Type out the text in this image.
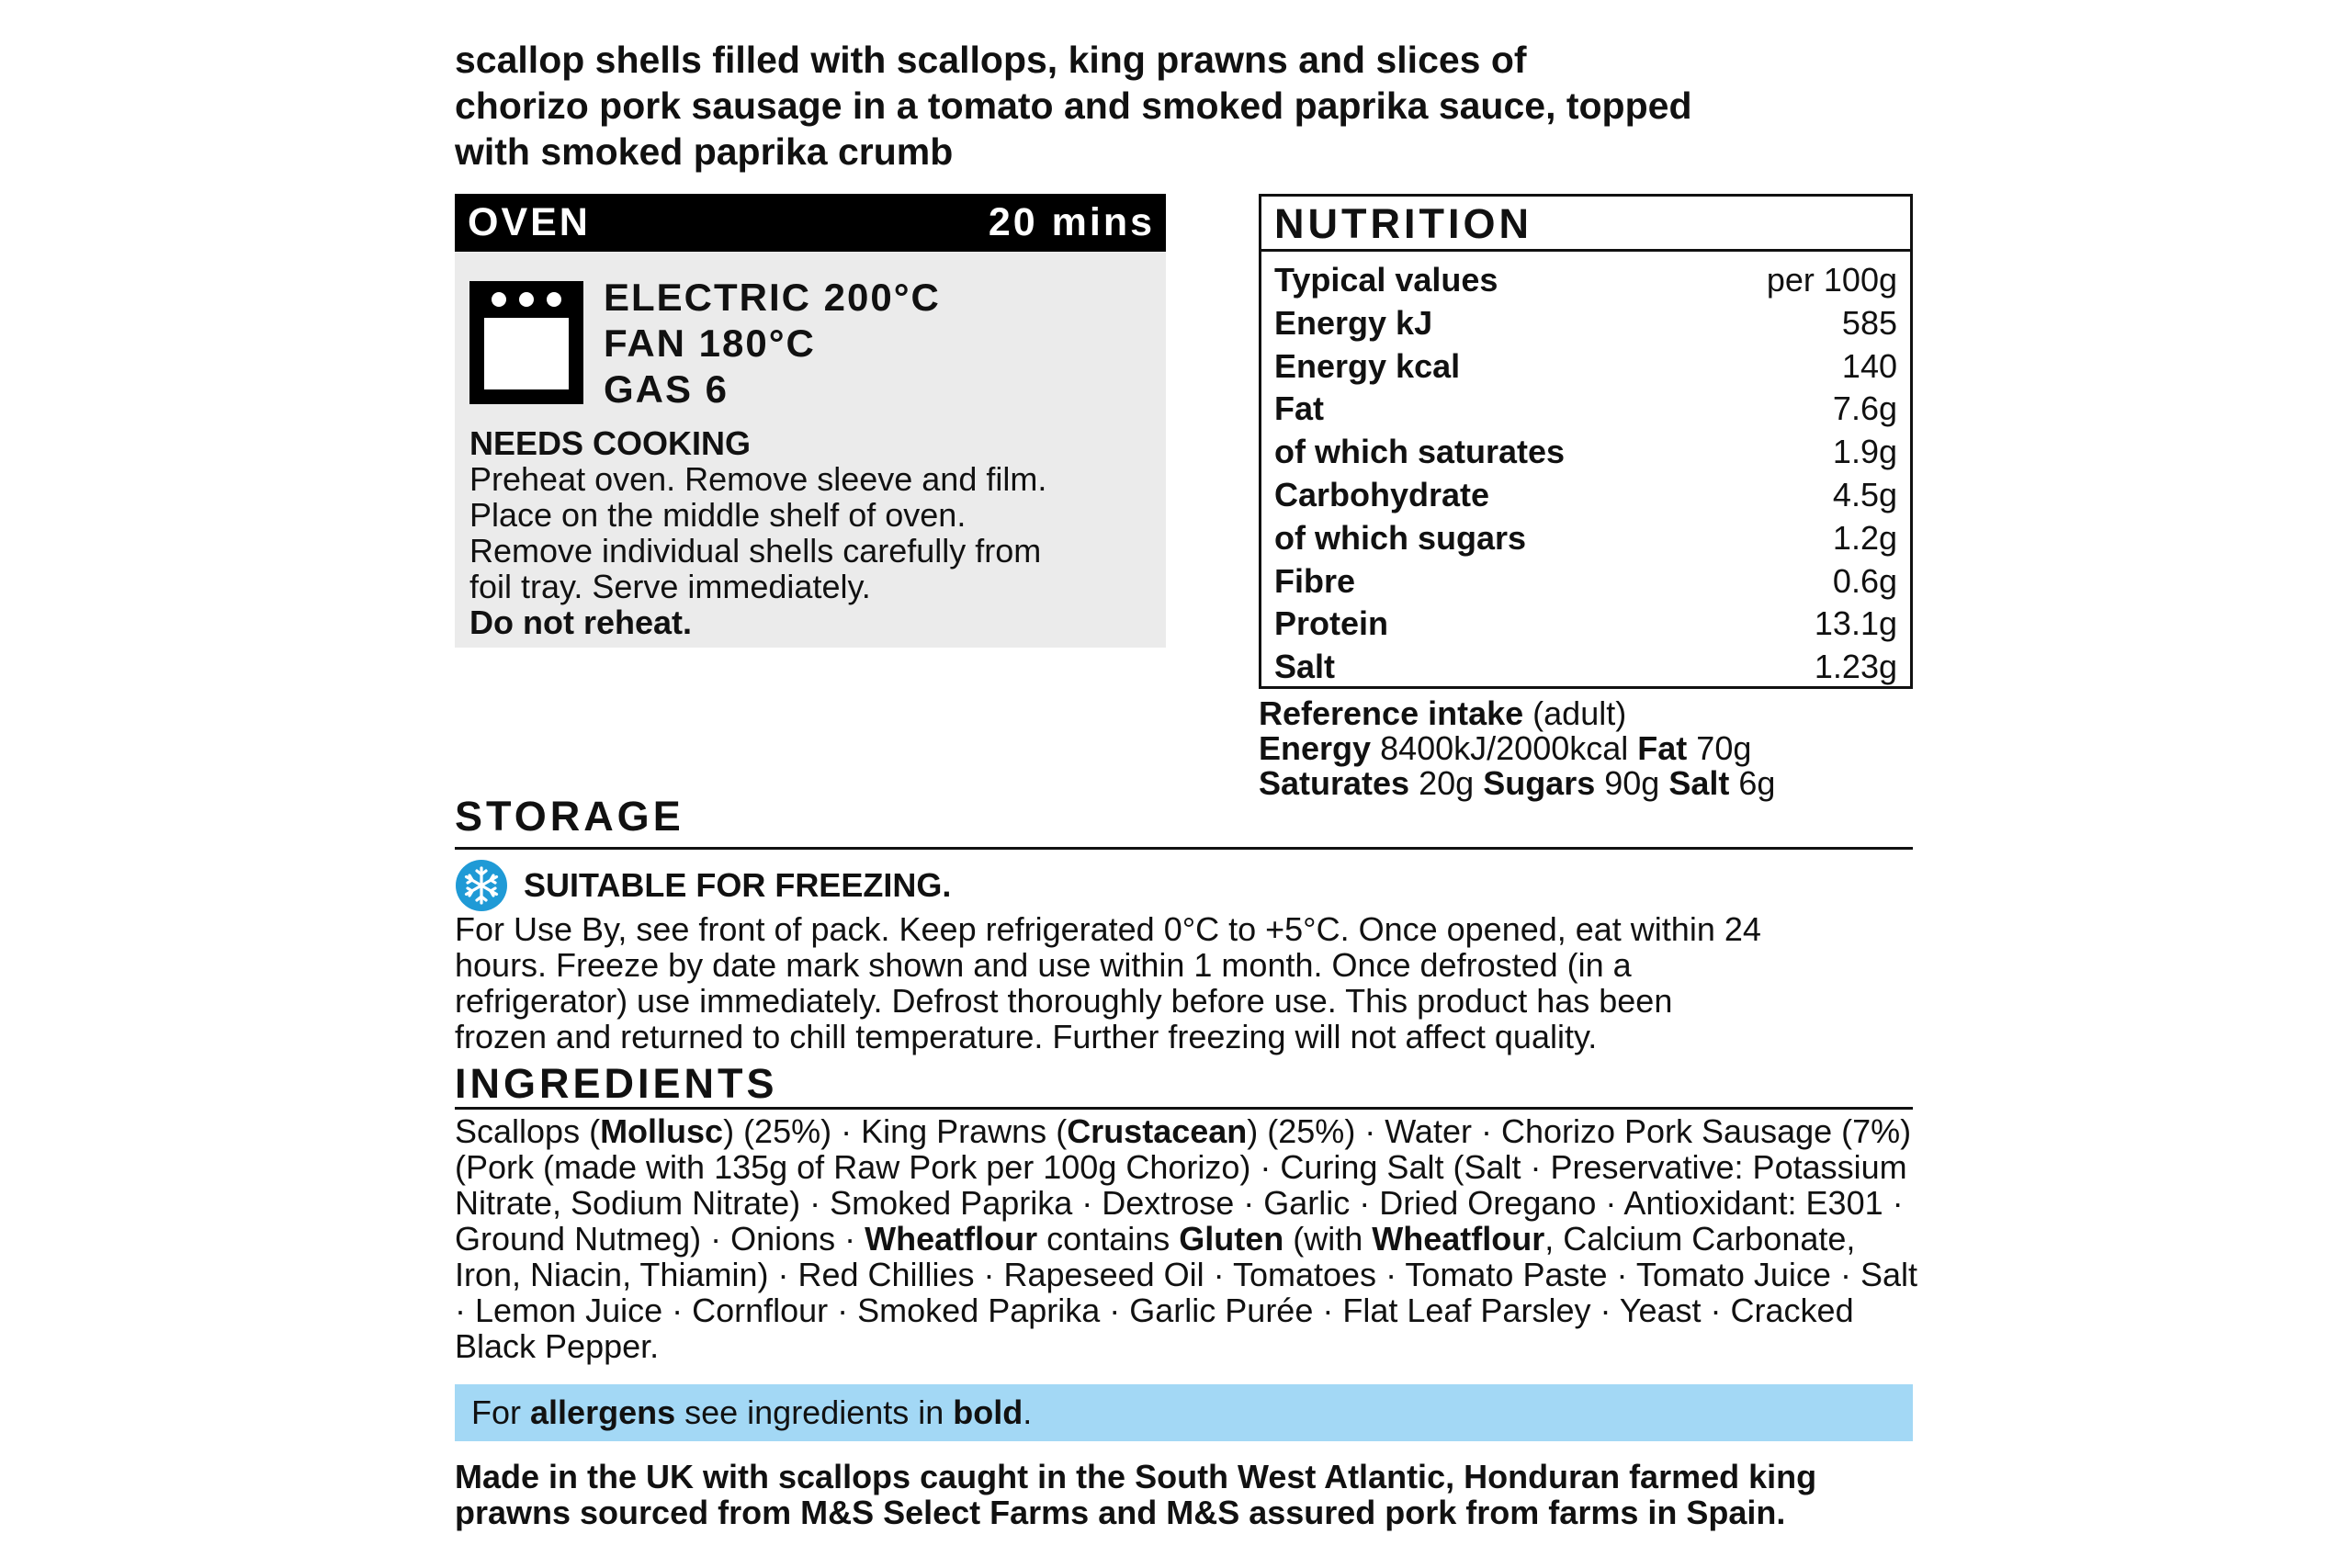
scallop shells filled with scallops, king prawns and slices of
chorizo pork sausage in a tomato and smoked paprika sauce, topped
with smoked paprika crumb
OVEN	20 mins
ELECTRIC 200°C
FAN 180°C
GAS 6
NEEDS COOKING
Preheat oven. Remove sleeve and film.
Place on the middle shelf of oven.
Remove individual shells carefully from
foil tray. Serve immediately.
Do not reheat.
NUTRITION
Typical values	per 100g
Energy kJ	585
Energy kcal	140
Fat	7.6g
of which saturates	1.9g
Carbohydrate	4.5g
of which sugars	1.2g
Fibre	0.6g
Protein	13.1g
Salt	1.23g
Reference intake (adult)
Energy 8400kJ/2000kcal Fat 70g
Saturates 20g Sugars 90g Salt 6g
STORAGE
SUITABLE FOR FREEZING.
For Use By, see front of pack. Keep refrigerated 0°C to +5°C. Once opened, eat within 24
hours. Freeze by date mark shown and use within 1 month. Once defrosted (in a
refrigerator) use immediately. Defrost thoroughly before use. This product has been
frozen and returned to chill temperature. Further freezing will not affect quality.
INGREDIENTS
Scallops (Mollusc) (25%) · King Prawns (Crustacean) (25%) · Water · Chorizo Pork Sausage (7%) (Pork (made with 135g of Raw Pork per 100g Chorizo) · Curing Salt (Salt · Preservative: Potassium Nitrate, Sodium Nitrate) · Smoked Paprika · Dextrose · Garlic · Dried Oregano · Antioxidant: E301 · Ground Nutmeg) · Onions · Wheatflour contains Gluten (with Wheatflour, Calcium Carbonate, Iron, Niacin, Thiamin) · Red Chillies · Rapeseed Oil · Tomatoes · Tomato Paste · Tomato Juice · Salt · Lemon Juice · Cornflour · Smoked Paprika · Garlic Purée · Flat Leaf Parsley · Yeast · Cracked Black Pepper.
For allergens see ingredients in bold.
Made in the UK with scallops caught in the South West Atlantic, Honduran farmed king
prawns sourced from M&S Select Farms and M&S assured pork from farms in Spain.
